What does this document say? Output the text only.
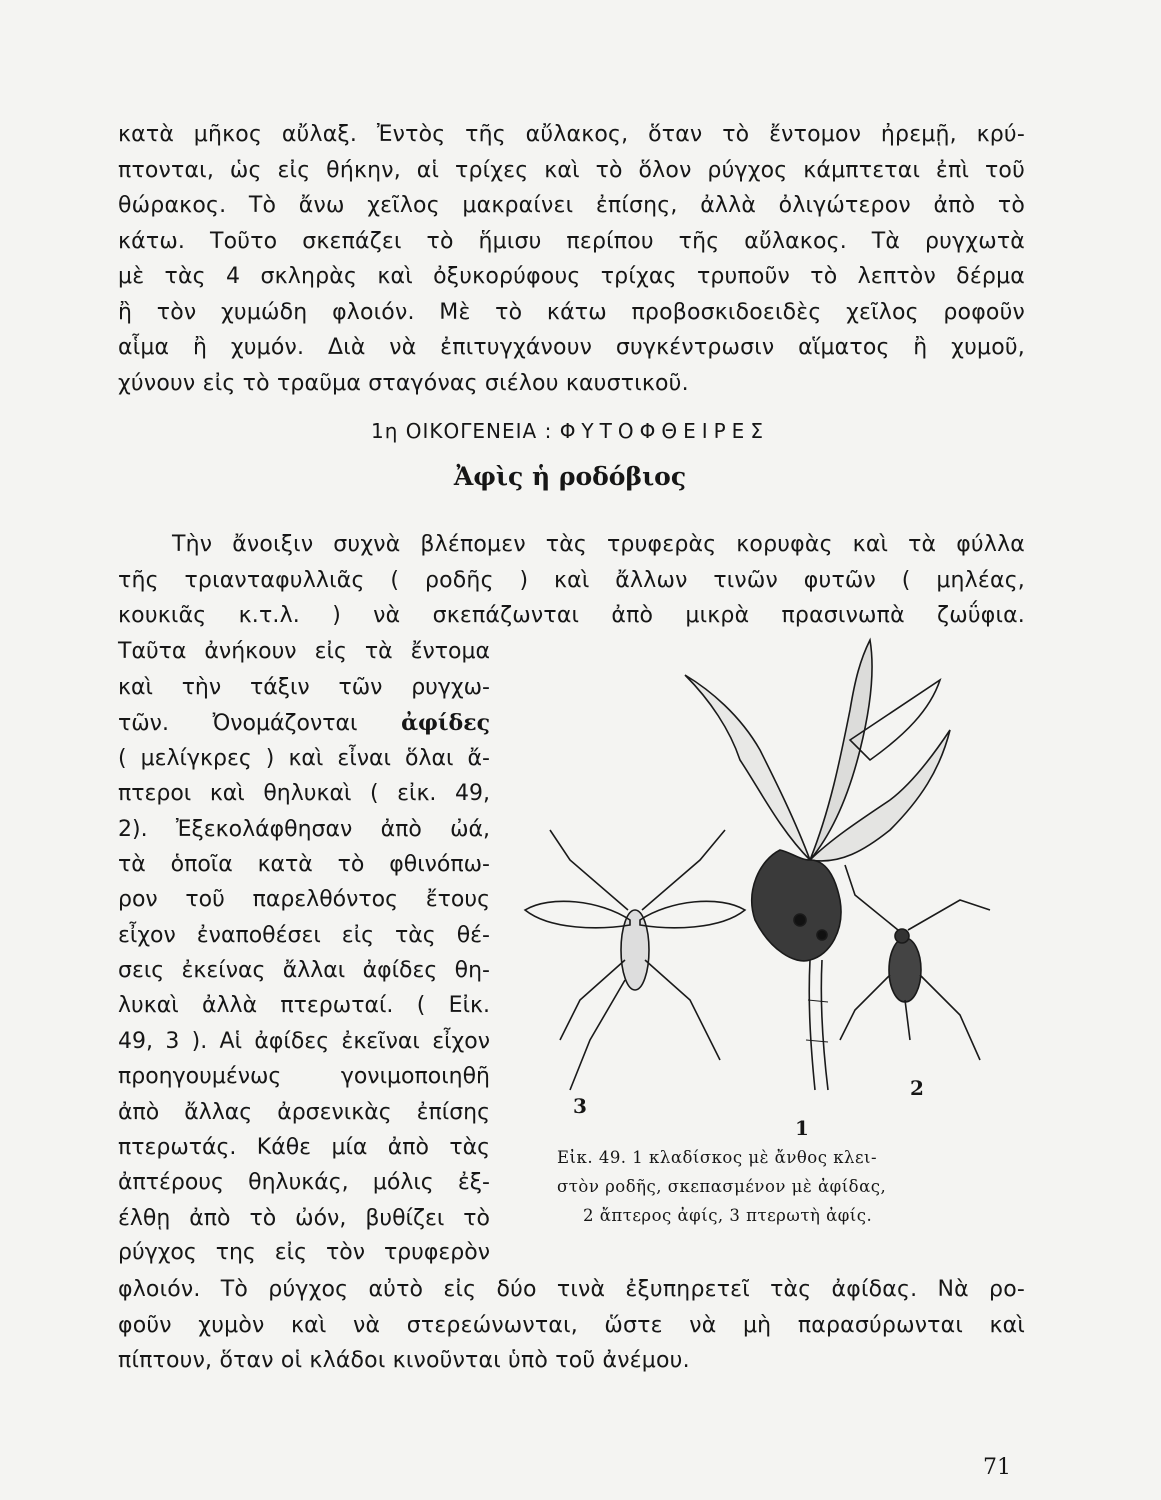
κατὰ μῆκος αὔλαξ. Ἐντὸς τῆς αὔλακος, ὅταν τὸ ἔντομον ἠρεμῇ, κρύ-
πτονται, ὡς εἰς θήκην, αἱ τρίχες καὶ τὸ ὅλον ρύγχος κάμπτεται ἐπὶ τοῦ
θώρακος. Τὸ ἄνω χεῖλος μακραίνει ἐπίσης, ἀλλὰ ὀλιγώτερον ἀπὸ τὸ
κάτω. Τοῦτο σκεπάζει τὸ ἥμισυ περίπου τῆς αὔλακος. Τὰ ρυγχωτὰ
μὲ τὰς 4 σκληρὰς καὶ ὀξυκορύφους τρίχας τρυποῦν τὸ λεπτὸν δέρμα
ἢ τὸν χυμώδη φλοιόν. Μὲ τὸ κάτω προβοσκιδοειδὲς χεῖλος ροφοῦν
αἷμα ἢ χυμόν. Διὰ νὰ ἐπιτυγχάνουν συγκέντρωσιν αἵματος ἢ χυμοῦ,
χύνουν εἰς τὸ τραῦμα σταγόνας σιέλου καυστικοῦ.
1η ΟΙΚΟΓΕΝΕΙΑ : ΦΥΤΟΦΘΕΙΡΕΣ
Ἀφὶς ἡ ροδόβιος
Τὴν ἄνοιξιν συχνὰ βλέπομεν τὰς τρυφερὰς κορυφὰς καὶ τὰ φύλλα
τῆς τριανταφυλλιᾶς ( ροδῆς ) καὶ ἄλλων τινῶν φυτῶν ( μηλέας,
κουκιᾶς κ.τ.λ. ) νὰ σκεπάζωνται ἀπὸ μικρὰ πρασινωπὰ ζωΰφια.
Ταῦτα ἀνήκουν εἰς τὰ ἔντομα
καὶ τὴν τάξιν τῶν ρυγχω-
τῶν. Ὀνομάζονται ἀφίδες
( μελίγκρες ) καὶ εἶναι ὅλαι ἄ-
πτεροι καὶ θηλυκαὶ ( εἰκ. 49,
2). Ἐξεκολάφθησαν ἀπὸ ὠά,
τὰ ὁποῖα κατὰ τὸ φθινόπω-
ρον τοῦ παρελθόντος ἔτους
εἶχον ἐναποθέσει εἰς τὰς θέ-
σεις ἐκείνας ἄλλαι ἀφίδες θη-
λυκαὶ ἀλλὰ πτερωταί. ( Εἰκ.
49, 3 ). Αἱ ἀφίδες ἐκεῖναι εἶχον
προηγουμένως γονιμοποιηθῆ
ἀπὸ ἄλλας ἀρσενικὰς ἐπίσης
πτερωτάς. Κάθε μία ἀπὸ τὰς
ἀπτέρους θηλυκάς, μόλις ἐξ-
έλθῃ ἀπὸ τὸ ὠόν, βυθίζει τὸ
ρύγχος της εἰς τὸν τρυφερὸν
φλοιόν. Τὸ ρύγχος αὐτὸ εἰς δύο τινὰ ἐξυπηρετεῖ τὰς ἀφίδας. Νὰ ρο-
φοῦν χυμὸν καὶ νὰ στερεώνωνται, ὥστε νὰ μὴ παρασύρωνται καὶ
πίπτουν, ὅταν οἱ κλάδοι κινοῦνται ὑπὸ τοῦ ἀνέμου.
3
1
2
Εἰκ. 49. 1 κλαδίσκος μὲ ἄνθος κλει-
στὸν ροδῆς, σκεπασμένον μὲ ἀφίδας,
2 ἄπτερος ἀφίς, 3 πτερωτὴ ἀφίς.
71
